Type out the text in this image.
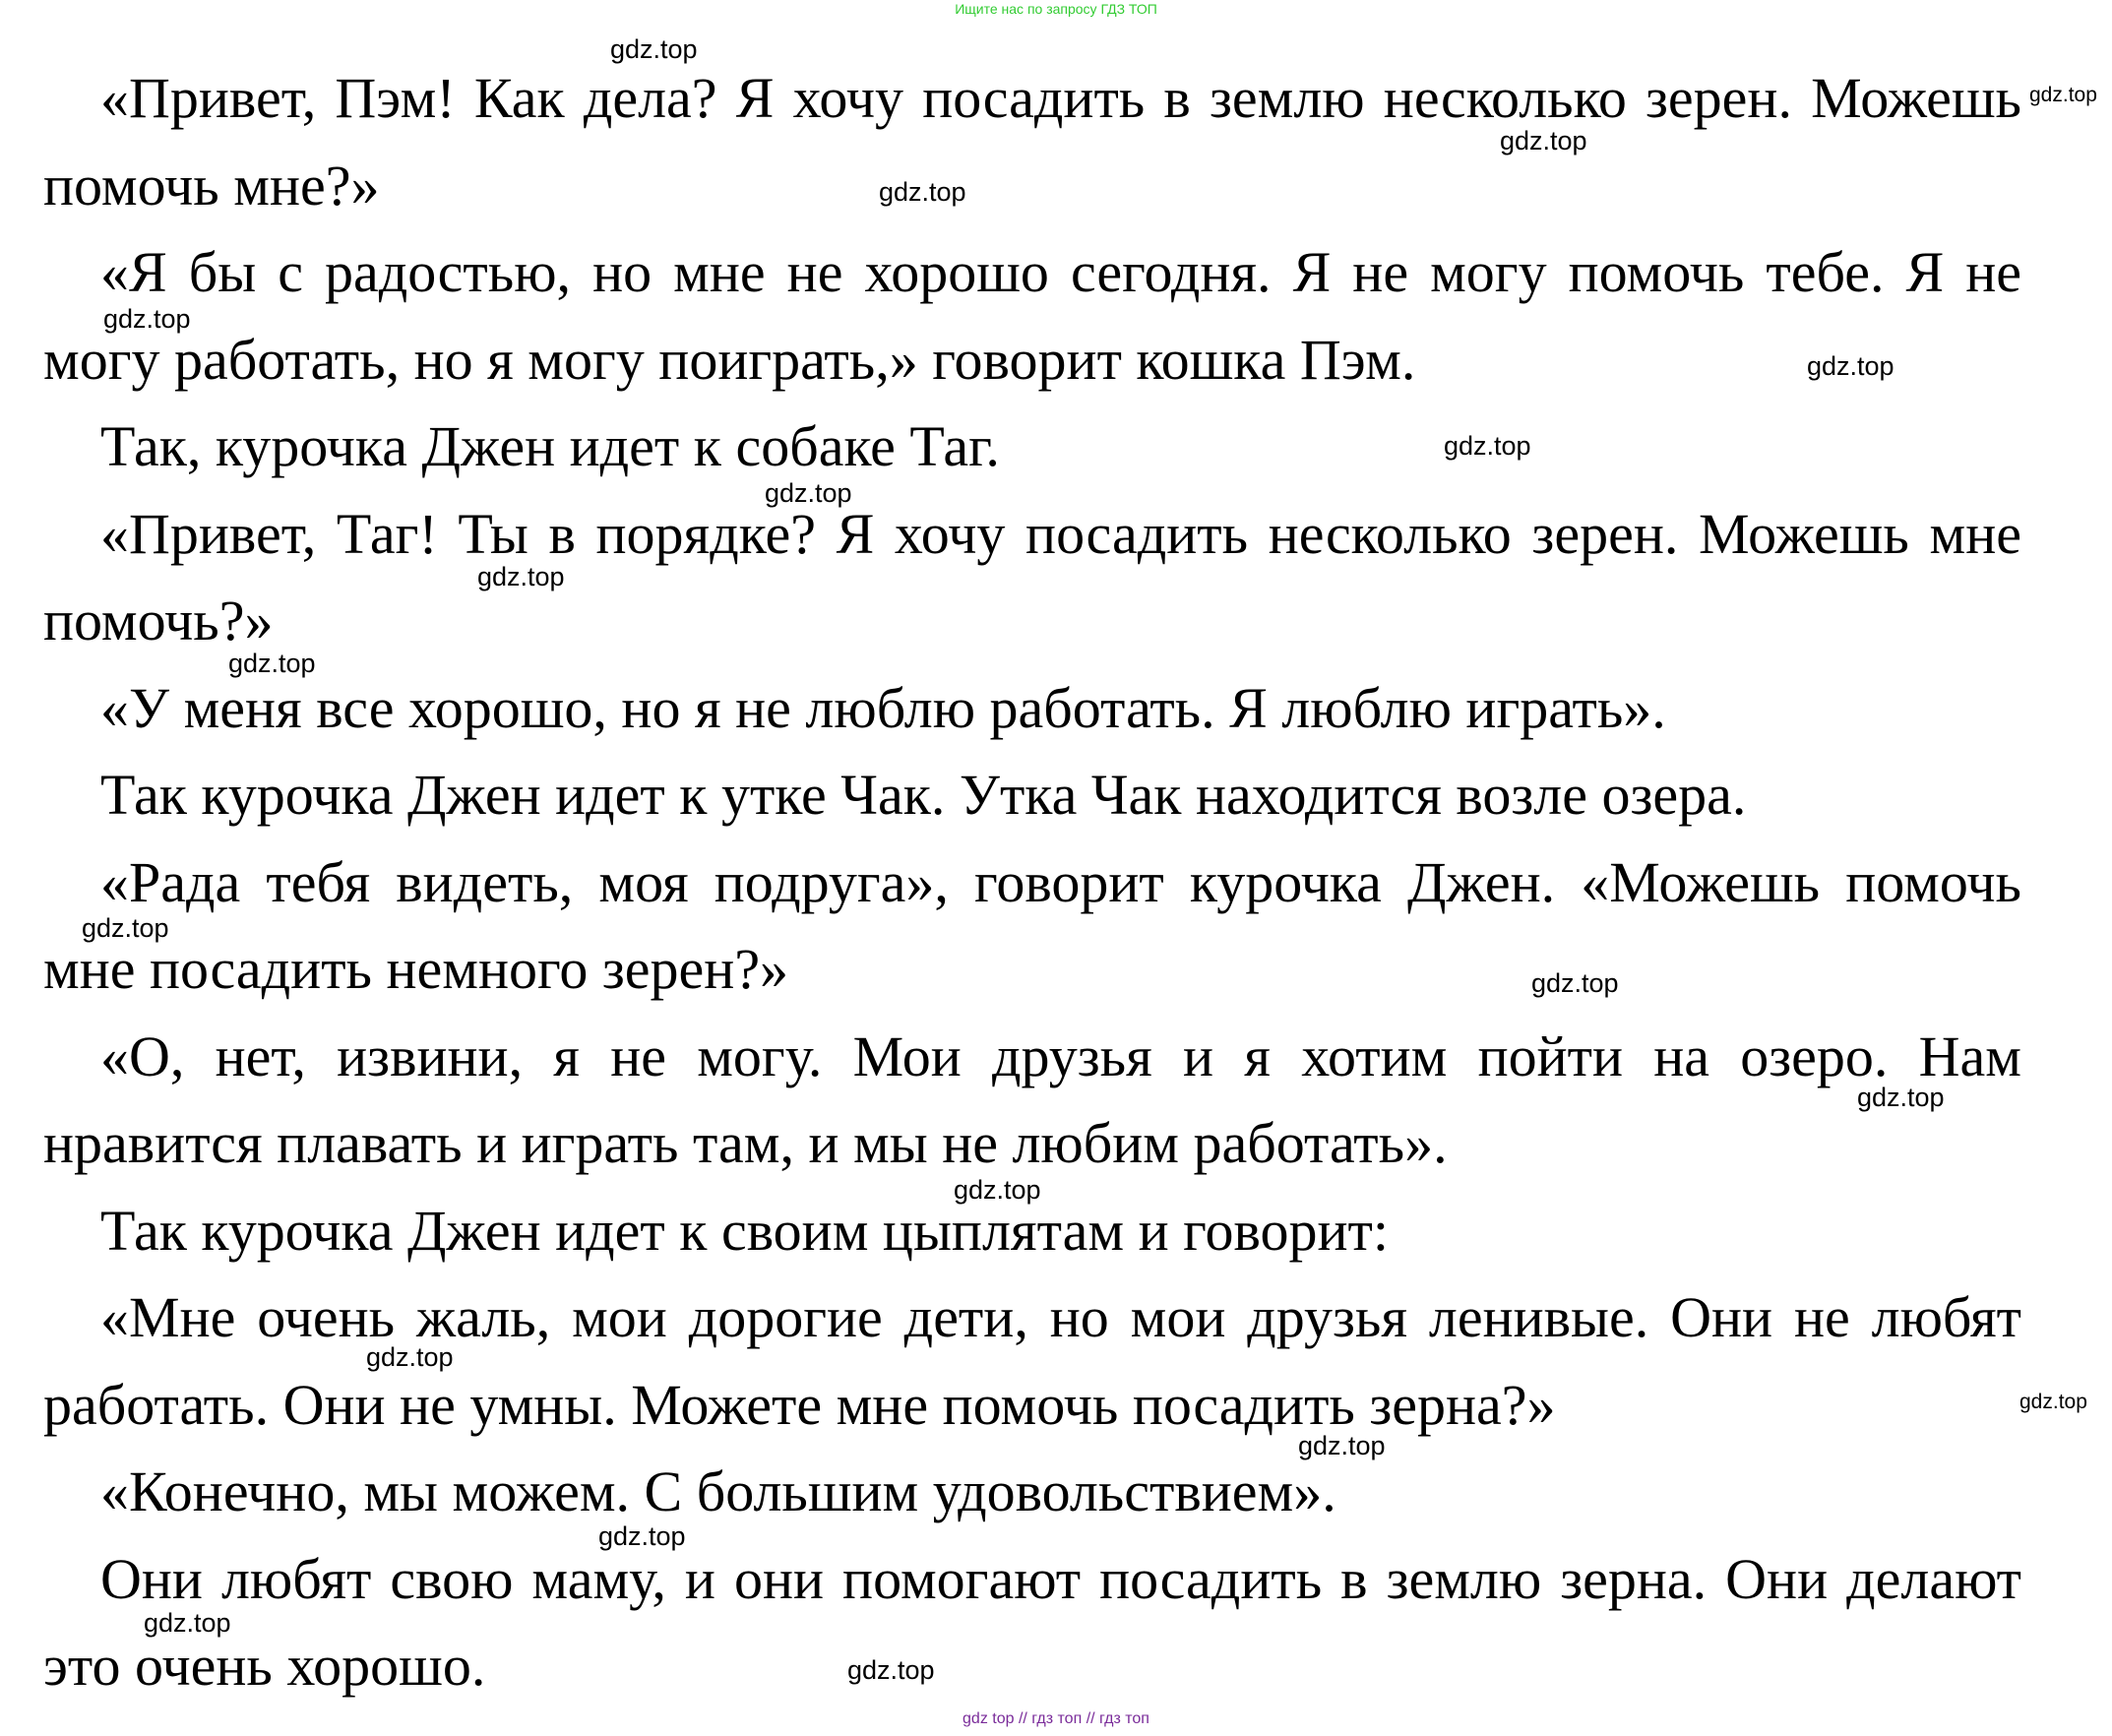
Ищите нас по запросу ГДЗ ТОП

«Привет, Пэм! Как дела? Я хочу посадить в землю несколько зерен. Можешь помочь мне?»

«Я бы с радостью, но мне не хорошо сегодня. Я не могу помочь тебе. Я не могу работать, но я могу поиграть,» говорит кошка Пэм.

Так, курочка Джен идет к собаке Таг.

«Привет, Таг! Ты в порядке? Я хочу посадить несколько зерен. Можешь мне помочь?»

«У меня все хорошо, но я не люблю работать. Я люблю играть».

Так курочка Джен идет к утке Чак. Утка Чак находится возле озера.

«Рада тебя видеть, моя подруга», говорит курочка Джен. «Можешь помочь мне посадить немного зерен?»

«О, нет, извини, я не могу. Мои друзья и я хотим пойти на озеро. Нам нравится плавать и играть там, и мы не любим работать».

Так курочка Джен идет к своим цыплятам и говорит:

«Мне очень жаль, мои дорогие дети, но мои друзья ленивые. Они не любят работать. Они не умны. Можете мне помочь посадить зерна?»

«Конечно, мы можем. С большим удовольствием».

Они любят свою маму, и они помогают посадить в землю зерна. Они делают это очень хорошо.

gdz.top
gdz.top
gdz.top
gdz.top
gdz.top
gdz.top
gdz.top
gdz.top
gdz.top
gdz.top
gdz.top
gdz.top
gdz.top
gdz.top
gdz.top
gdz.top
gdz.top
gdz.top
gdz.top
gdz.top
gdz top // гдз топ // гдз топ
